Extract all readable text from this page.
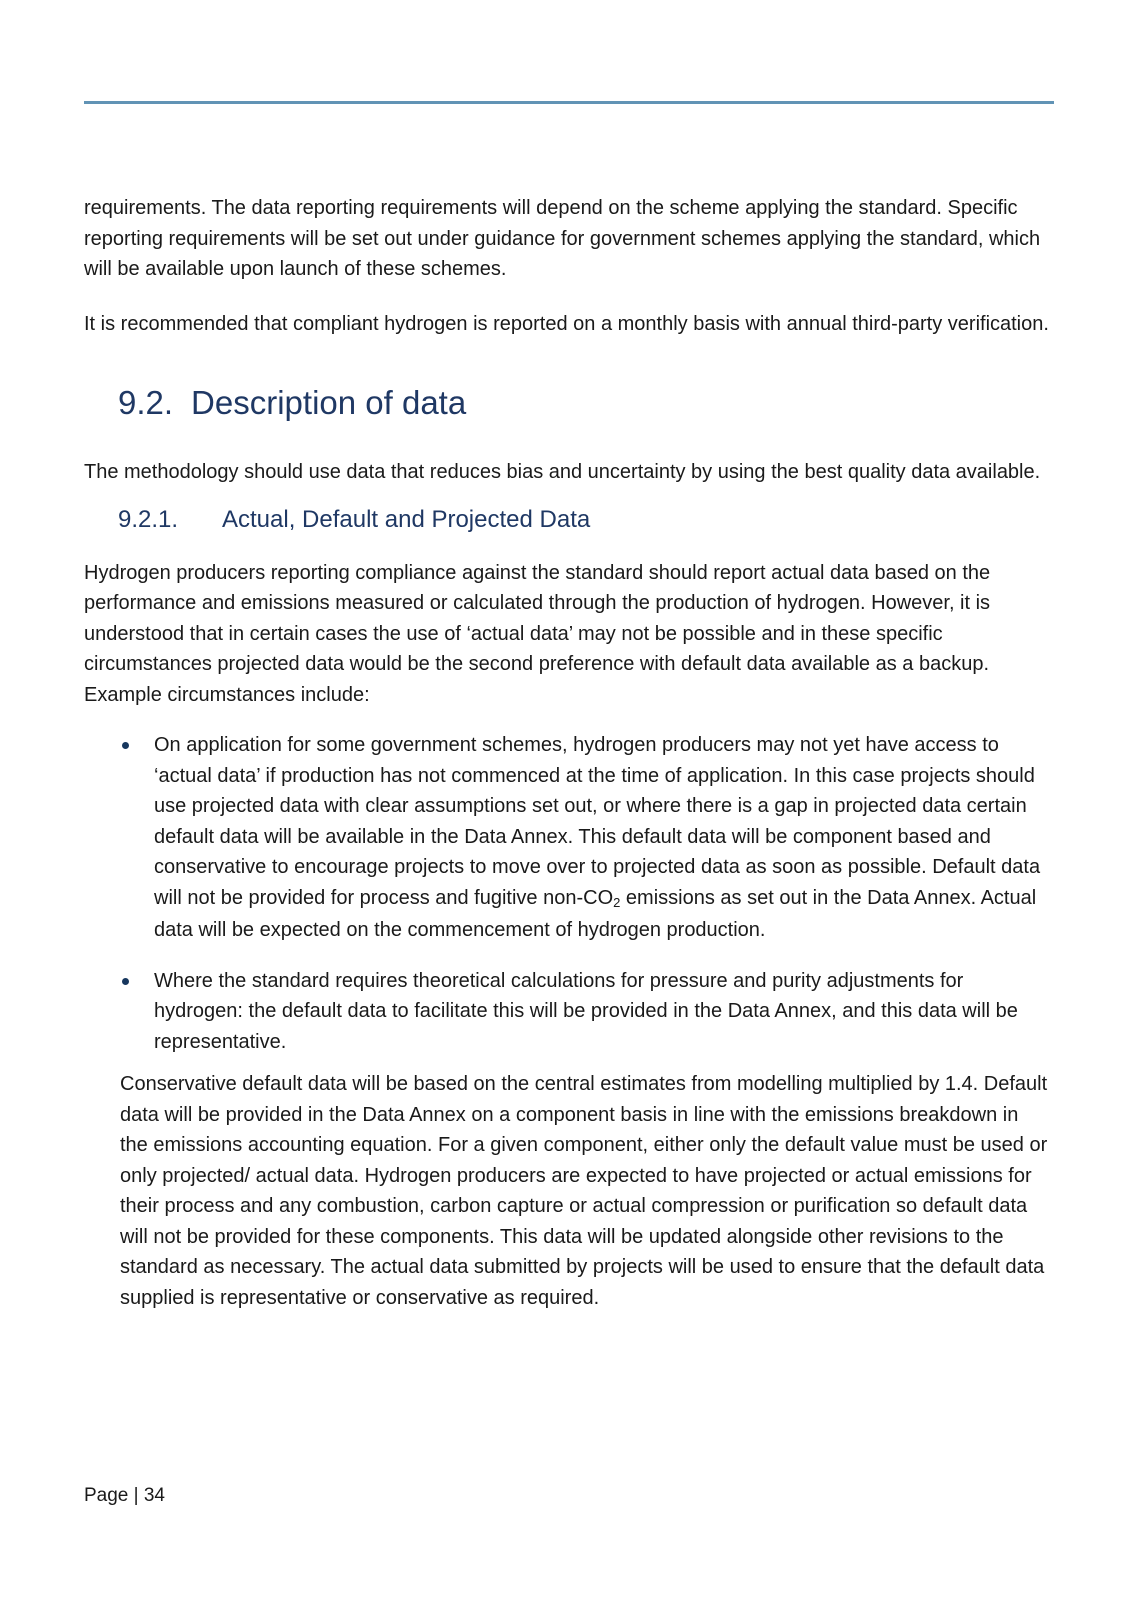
requirements. The data reporting requirements will depend on the scheme applying the standard. Specific reporting requirements will be set out under guidance for government schemes applying the standard, which will be available upon launch of these schemes.

It is recommended that compliant hydrogen is reported on a monthly basis with annual third-party verification.

9.2. Description of data

The methodology should use data that reduces bias and uncertainty by using the best quality data available.

9.2.1. Actual, Default and Projected Data

Hydrogen producers reporting compliance against the standard should report actual data based on the performance and emissions measured or calculated through the production of hydrogen. However, it is understood that in certain cases the use of ‘actual data’ may not be possible and in these specific circumstances projected data would be the second preference with default data available as a backup. Example circumstances include:

On application for some government schemes, hydrogen producers may not yet have access to ‘actual data’ if production has not commenced at the time of application. In this case projects should use projected data with clear assumptions set out, or where there is a gap in projected data certain default data will be available in the Data Annex. This default data will be component based and conservative to encourage projects to move over to projected data as soon as possible. Default data will not be provided for process and fugitive non-CO2 emissions as set out in the Data Annex. Actual data will be expected on the commencement of hydrogen production.
Where the standard requires theoretical calculations for pressure and purity adjustments for hydrogen: the default data to facilitate this will be provided in the Data Annex, and this data will be representative.

Conservative default data will be based on the central estimates from modelling multiplied by 1.4. Default data will be provided in the Data Annex on a component basis in line with the emissions breakdown in the emissions accounting equation. For a given component, either only the default value must be used or only projected/ actual data. Hydrogen producers are expected to have projected or actual emissions for their process and any combustion, carbon capture or actual compression or purification so default data will not be provided for these components. This data will be updated alongside other revisions to the standard as necessary. The actual data submitted by projects will be used to ensure that the default data supplied is representative or conservative as required.

Page | 34
